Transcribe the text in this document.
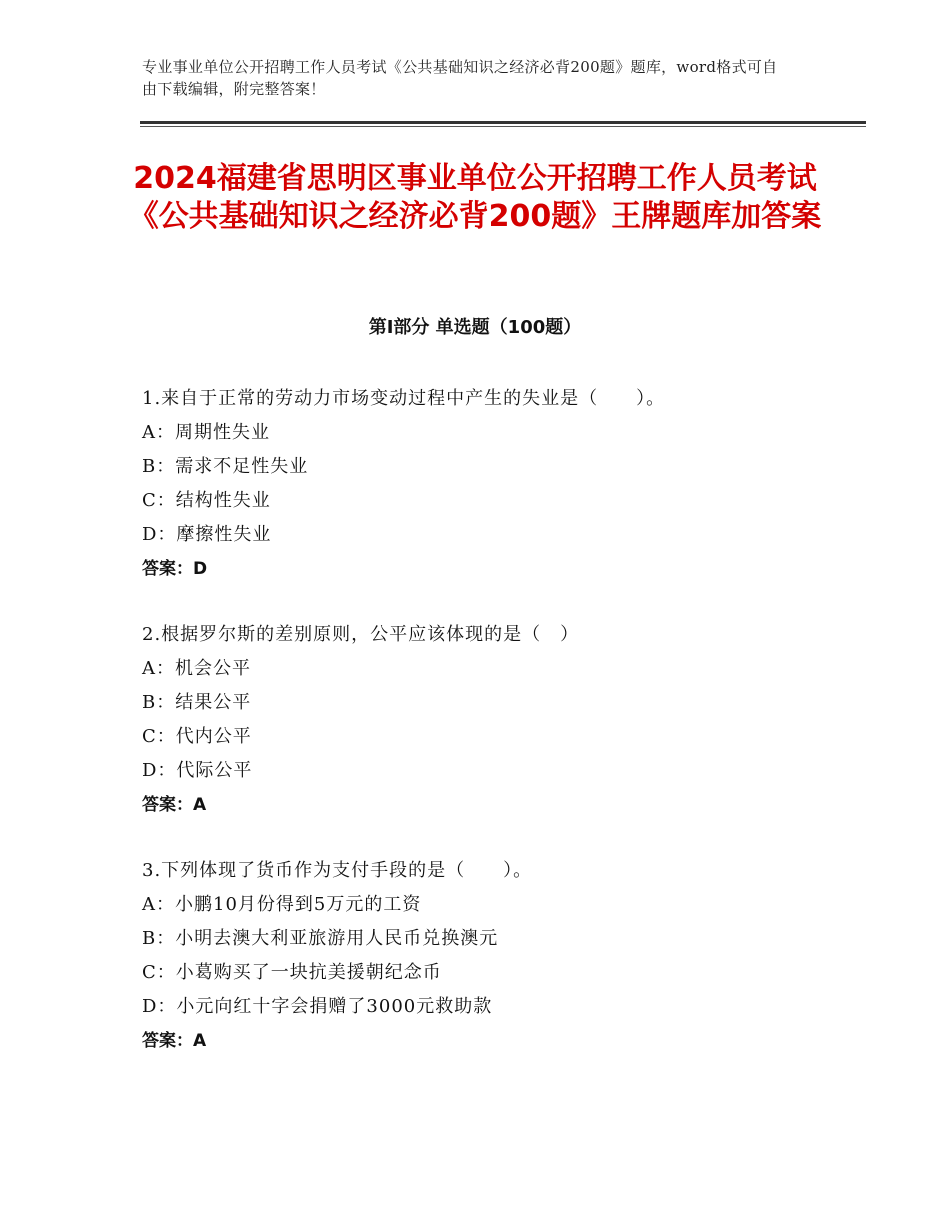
专业事业单位公开招聘工作人员考试《公共基础知识之经济必背200题》题库，word格式可自由下载编辑，附完整答案！
2024福建省思明区事业单位公开招聘工作人员考试《公共基础知识之经济必背200题》王牌题库加答案
第Ⅰ部分 单选题（100题）
1.来自于正常的劳动力市场变动过程中产生的失业是（　　）。
A：周期性失业
B：需求不足性失业
C：结构性失业
D：摩擦性失业
答案：D
2.根据罗尔斯的差别原则，公平应该体现的是（　）
A：机会公平
B：结果公平
C：代内公平
D：代际公平
答案：A
3.下列体现了货币作为支付手段的是（　　）。
A：小鹏10月份得到5万元的工资
B：小明去澳大利亚旅游用人民币兑换澳元
C：小葛购买了一块抗美援朝纪念币
D：小元向红十字会捐赠了3000元救助款
答案：A
